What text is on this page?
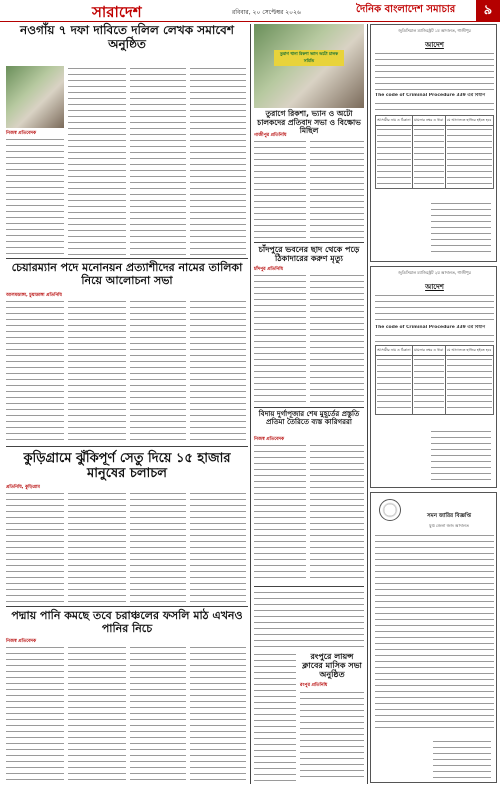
সারাদেশ	রবিবার, ২০ সেপ্টেম্বর ২০২৬	দৈনিক বাংলাদেশ সমাচার	৯
নওগাঁয় ৭ দফা দাবিতে দলিল লেখক সমাবেশ অনুষ্ঠিত
নিজস্ব প্রতিবেদক
চেয়ারম্যান পদে মনোনয়ন প্রত্যাশীদের নামের তালিকা নিয়ে আলোচনা সভা
আলমডাঙ্গা, চুয়াডাঙ্গা প্রতিনিধি
কুড়িগ্রামে ঝুঁকিপূর্ণ সেতু দিয়ে ১৫ হাজার মানুষের চলাচল
প্রতিনিধি, কুড়িগ্রাম
পদ্মায় পানি কমছে তবে চরাঞ্চলের ফসলি মাঠ এখনও পানির নিচে
নিজস্ব প্রতিবেদক
তুরাগ থানা রিকশা ভ্যান অটো চালক সমিতি
তুরাগে রিকশা, ভ্যান ও অটো চালকদের প্রতিবাদ সভা ও বিক্ষোভ মিছিল
গাজীপুর প্রতিনিধি
চাঁদপুরে ভবনের ছাদ থেকে পড়ে ঠিকাদারের করুণ মৃত্যু
চাঁদপুর প্রতিনিধি
বিদায় দুর্গাপূজার শেষ মুহূর্তের প্রস্তুতি প্রতিমা তৈরিতে ব্যস্ত কারিগররা
নিজস্ব প্রতিবেদক
রংপুরে লায়ন্স ক্লাবের মাসিক সভা অনুষ্ঠিত
রংপুর প্রতিনিধি
জুডিসিয়াল ম্যাজিস্ট্রেট ১ম আদালত, গাজীপুর
আদেশ
The code of Criminal Procedure 339 এর বিধান
আসামীর নাম ও ঠিকানা	মামলার নম্বর ও ধারা	যে আদালতে হাজির হইতে হবে

জুডিসিয়াল ম্যাজিস্ট্রেট ২য় আদালত, গাজীপুর
আদেশ
The code of Criminal Procedure 339 এর বিধান
আসামীর নাম ও ঠিকানা	মামলার নম্বর ও ধারা	যে আদালতে হাজির হইতে হবে

সমন জারির বিজ্ঞপ্তি
যুগ্ম জেলা জজ আদালত
